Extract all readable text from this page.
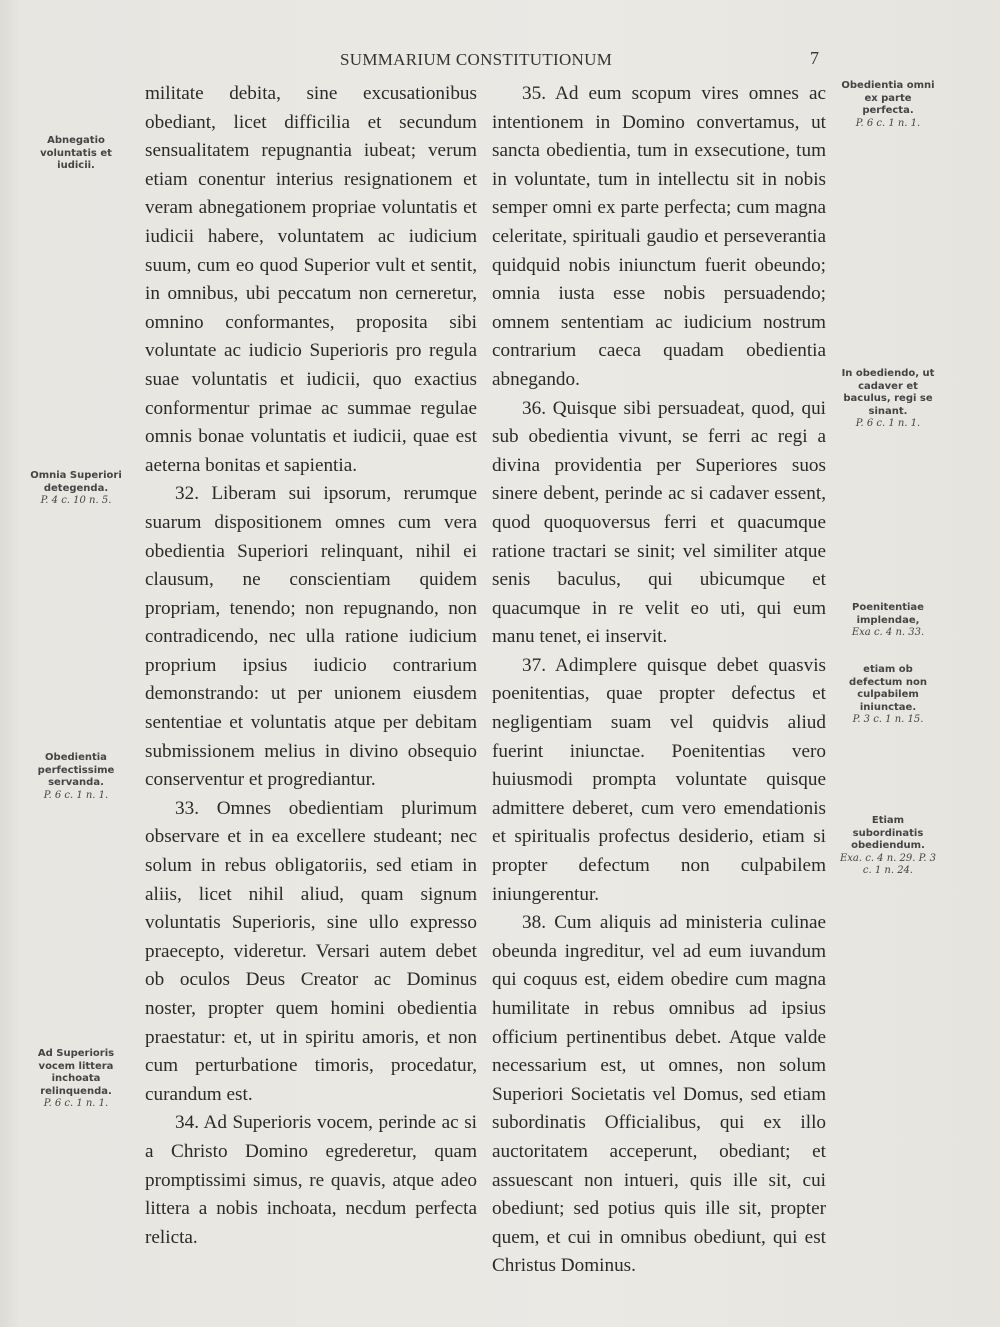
SUMMARIUM CONSTITUTIONUM	7
Abnegatio voluntatis et iudicii.
Omnia Superiori detegenda.
P. 4 c. 10 n. 5.
Obedientia perfectissime servanda.
P. 6 c. 1 n. 1.
Ad Superioris vocem littera inchoata relinquenda.
P. 6 c. 1 n. 1.
Obedientia omni ex parte perfecta.
P. 6 c. 1 n. 1.
In obediendo, ut cadaver et baculus, regi se sinant.
P. 6 c. 1 n. 1.
Poenitentiae implendae,
Exa c. 4 n. 33.
etiam ob defectum non culpabilem iniunctae.
P. 3 c. 1 n. 15.
Etiam subordinatis obediendum.
Exa. c. 4 n. 29. P. 3 c. 1 n. 24.

militate debita, sine excusationibus obediant, licet difficilia et secundum sensualitatem repugnantia iubeat; verum etiam conentur interius resignationem et veram abnegationem propriae voluntatis et iudicii habere, voluntatem ac iudicium suum, cum eo quod Superior vult et sentit, in omnibus, ubi peccatum non cerneretur, omnino conformantes, proposita sibi voluntate ac iudicio Superioris pro regula suae voluntatis et iudicii, quo exactius conformentur primae ac summae regulae omnis bonae voluntatis et iudicii, quae est aeterna bonitas et sapientia.

32. Liberam sui ipsorum, rerumque suarum dispositionem omnes cum vera obedientia Superiori relinquant, nihil ei clausum, ne conscientiam quidem propriam, tenendo; non repugnando, non contradicendo, nec ulla ratione iudicium proprium ipsius iudicio contrarium demonstrando: ut per unionem eiusdem sententiae et voluntatis atque per debitam submissionem melius in divino obsequio conserventur et progrediantur.

33. Omnes obedientiam plurimum observare et in ea excellere studeant; nec solum in rebus obligatoriis, sed etiam in aliis, licet nihil aliud, quam signum voluntatis Superioris, sine ullo expresso praecepto, videretur. Versari autem debet ob oculos Deus Creator ac Dominus noster, propter quem homini obedientia praestatur: et, ut in spiritu amoris, et non cum perturbatione timoris, procedatur, curandum est.

34. Ad Superioris vocem, perinde ac si a Christo Domino egrederetur, quam promptissimi simus, re quavis, atque adeo littera a nobis inchoata, necdum perfecta relicta.

35. Ad eum scopum vires omnes ac intentionem in Domino convertamus, ut sancta obedientia, tum in exsecutione, tum in voluntate, tum in intellectu sit in nobis semper omni ex parte perfecta; cum magna celeritate, spirituali gaudio et perseverantia quidquid nobis iniunctum fuerit obeundo; omnia iusta esse nobis persuadendo; omnem sententiam ac iudicium nostrum contrarium caeca quadam obedientia abnegando.

36. Quisque sibi persuadeat, quod, qui sub obedientia vivunt, se ferri ac regi a divina providentia per Superiores suos sinere debent, perinde ac si cadaver essent, quod quoquoversus ferri et quacumque ratione tractari se sinit; vel similiter atque senis baculus, qui ubicumque et quacumque in re velit eo uti, qui eum manu tenet, ei inservit.

37. Adimplere quisque debet quasvis poenitentias, quae propter defectus et negligentiam suam vel quidvis aliud fuerint iniunctae. Poenitentias vero huiusmodi prompta voluntate quisque admittere deberet, cum vero emendationis et spiritualis profectus desiderio, etiam si propter defectum non culpabilem iniungerentur.

38. Cum aliquis ad ministeria culinae obeunda ingreditur, vel ad eum iuvandum qui coquus est, eidem obedire cum magna humilitate in rebus omnibus ad ipsius officium pertinentibus debet. Atque valde necessarium est, ut omnes, non solum Superiori Societatis vel Domus, sed etiam subordinatis Officialibus, qui ex illo auctoritatem acceperunt, obediant; et assuescant non intueri, quis ille sit, cui obediunt; sed potius quis ille sit, propter quem, et cui in omnibus obediunt, qui est Christus Dominus.
